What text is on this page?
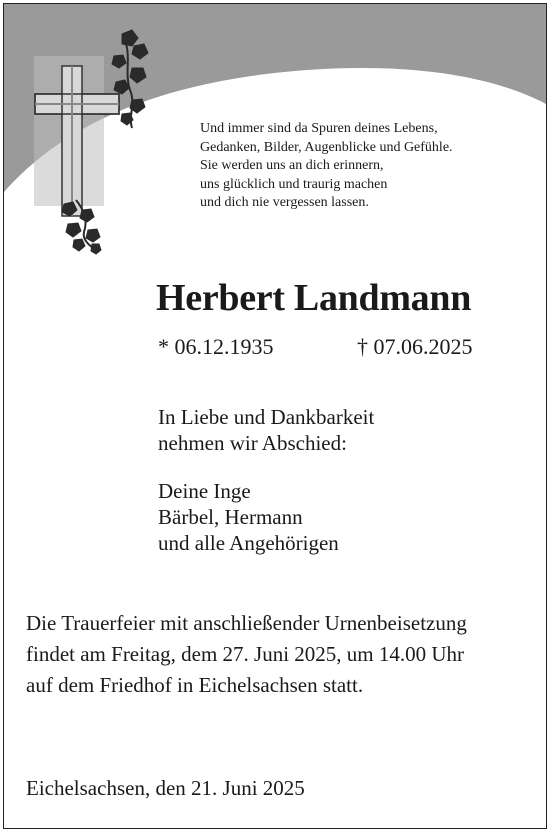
Und immer sind da Spuren deines Lebens,
Gedanken, Bilder, Augenblicke und Gefühle.
Sie werden uns an dich erinnern,
uns glücklich und traurig machen
und dich nie vergessen lassen.
Herbert Landmann
* 06.12.1935	† 07.06.2025
In Liebe und Dankbarkeit
nehmen wir Abschied:
Deine Inge
Bärbel, Hermann
und alle Angehörigen
Die Trauerfeier mit anschließender Urnenbeisetzung
findet am Freitag, dem 27. Juni 2025, um 14.00 Uhr
auf dem Friedhof in Eichelsachsen statt.
Eichelsachsen, den 21. Juni 2025
